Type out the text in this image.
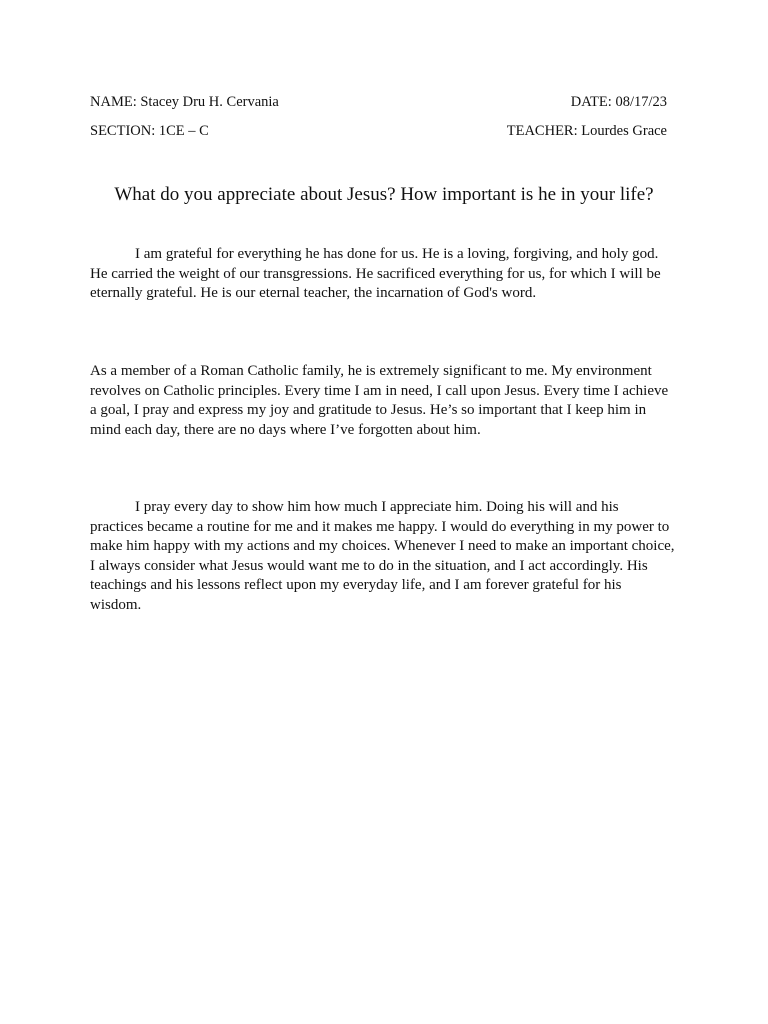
NAME: Stacey Dru H. Cervania	DATE: 08/17/23
SECTION: 1CE – C	TEACHER: Lourdes Grace
What do you appreciate about Jesus? How important is he in your life?

I am grateful for everything he has done for us. He is a loving, forgiving, and holy god. He carried the weight of our transgressions. He sacrificed everything for us, for which I will be eternally grateful. He is our eternal teacher, the incarnation of God's word.

As a member of a Roman Catholic family, he is extremely significant to me. My environment revolves on Catholic principles. Every time I am in need, I call upon Jesus. Every time I achieve a goal, I pray and express my joy and gratitude to Jesus. He’s so important that I keep him in mind each day, there are no days where I’ve forgotten about him.

I pray every day to show him how much I appreciate him. Doing his will and his practices became a routine for me and it makes me happy. I would do everything in my power to make him happy with my actions and my choices. Whenever I need to make an important choice, I always consider what Jesus would want me to do in the situation, and I act accordingly. His teachings and his lessons reflect upon my everyday life, and I am forever grateful for his wisdom.
